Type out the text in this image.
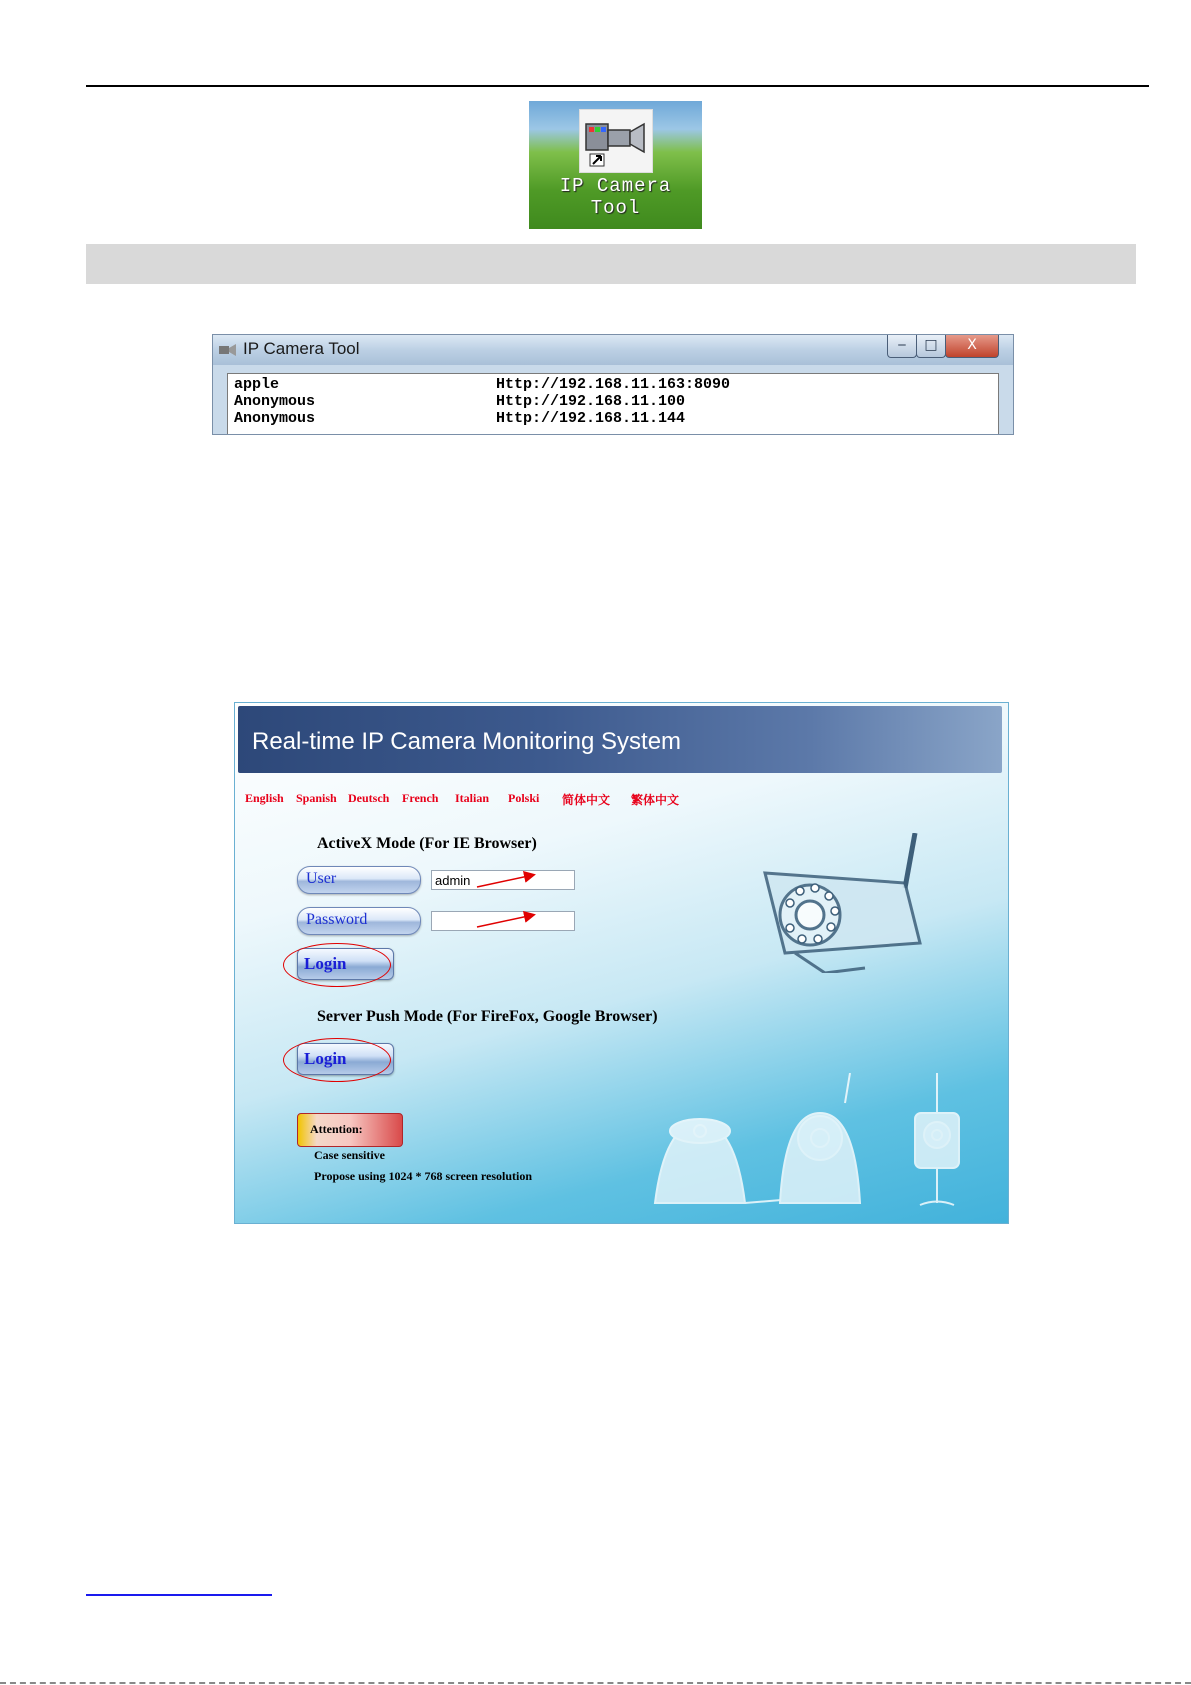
IP Camera
Tool
IP Camera Tool	‒	□	X
apple	Http://192.168.11.163:8090
Anonymous	Http://192.168.11.100
Anonymous	Http://192.168.11.144
Real-time IP Camera Monitoring System
English Spanish Deutsch French Italian Polski 简体中文 繁体中文
ActiveX Mode (For IE Browser)
User	admin
Password
Login
Server Push Mode (For FireFox, Google Browser)
Login
Attention:
Case sensitive
Propose using 1024 * 768 screen resolution
